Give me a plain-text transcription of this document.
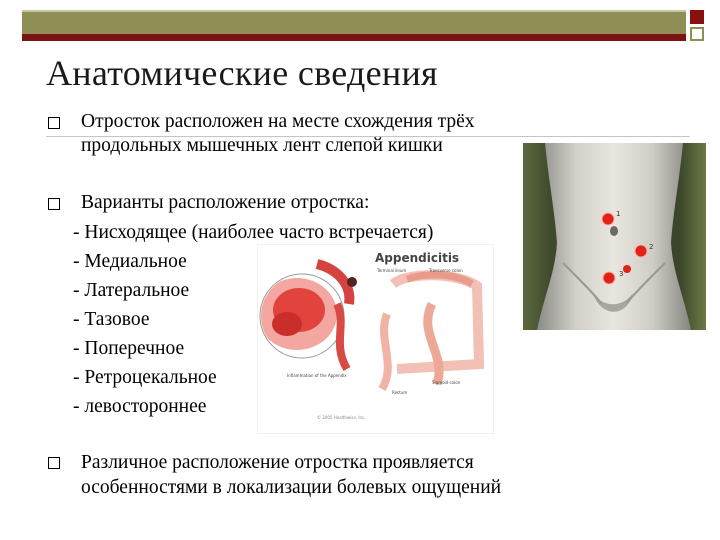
Анатомические сведения
1
2
3
Appendicitis
Terminal ileum	Transverse colon
Inflammation of the Appendix
Rectum
Sigmoid colon
© 2005 Healthwise, Inc.
Отросток расположен на месте схождения трёх
продольных мышечных лент слепой кишки
Варианты расположение отростка:
- Нисходящее (наиболее часто встречается)
- Медиальное
- Латеральное
- Тазовое
- Поперечное
- Ретроцекальное
- левостороннее
Различное расположение отростка проявляется
особенностями в локализации болевых ощущений
